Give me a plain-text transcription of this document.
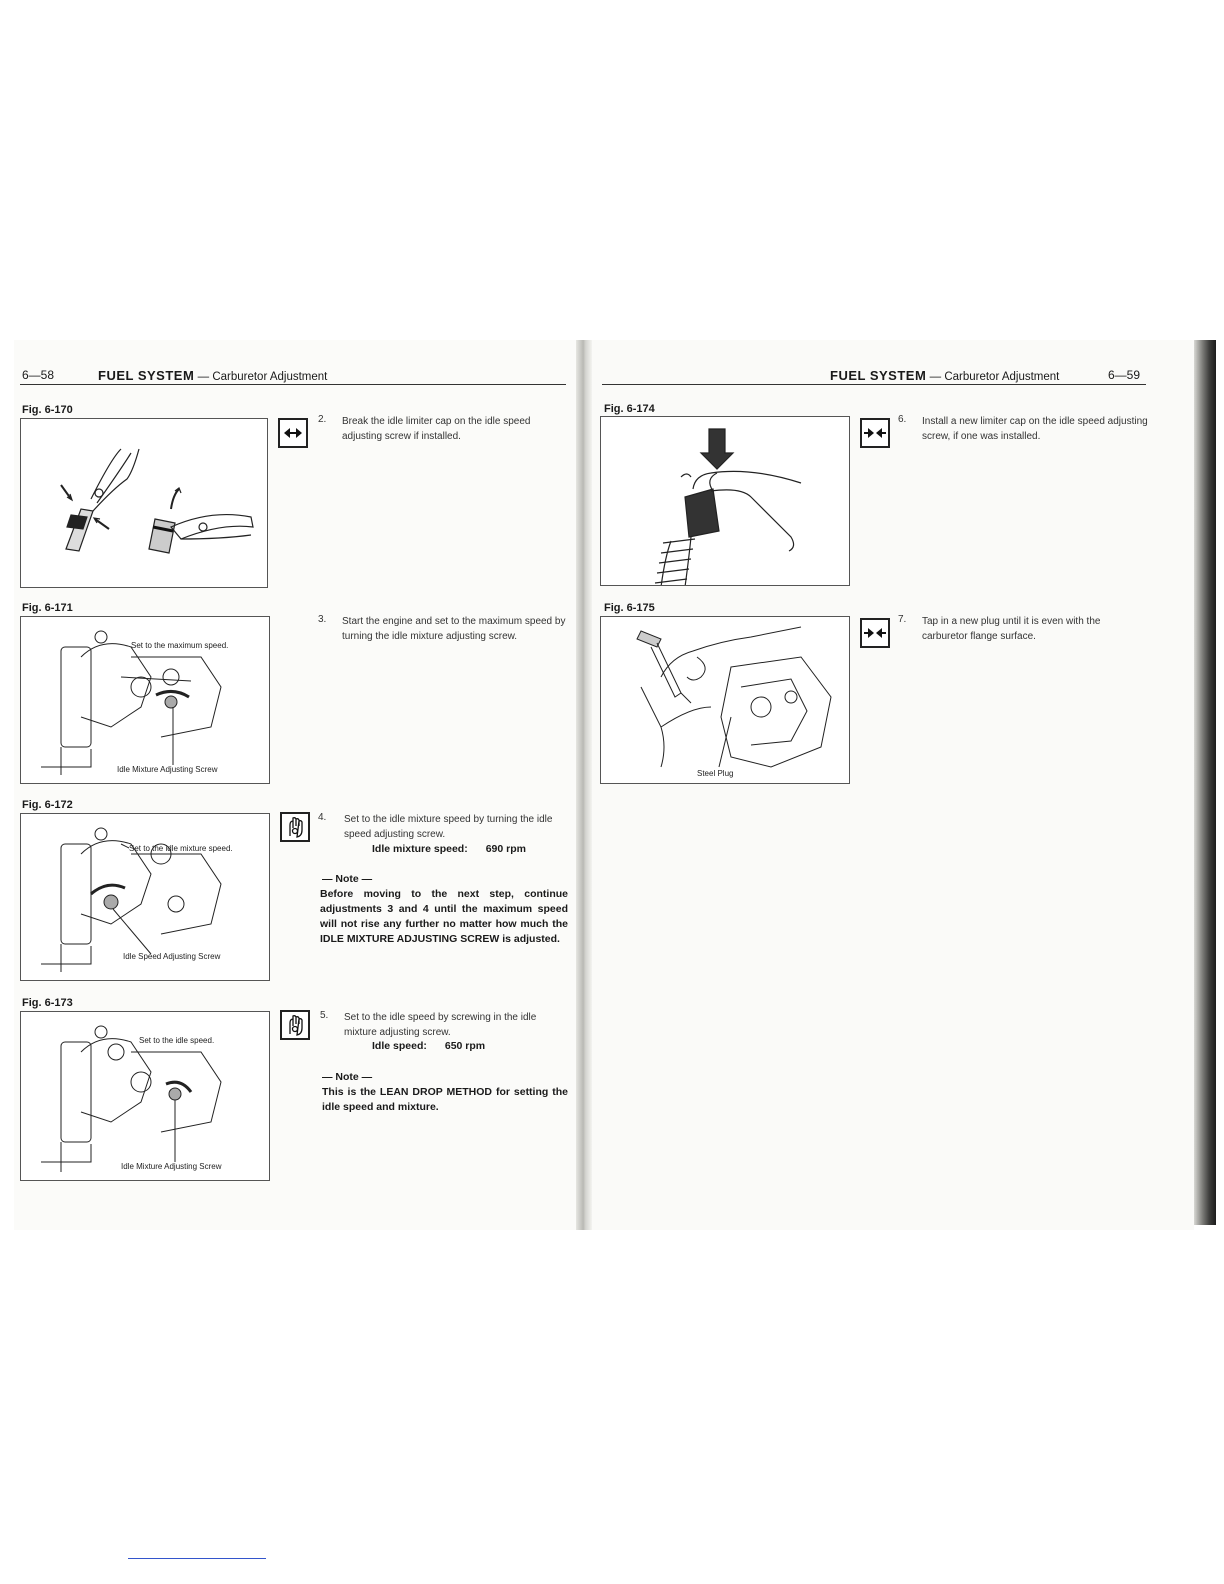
6—58	FUEL SYSTEM — Carburetor Adjustment	FUEL SYSTEM — Carburetor Adjustment	6—59
Fig. 6-170
Fig. 6-171
Set to the maximum speed.
Idle Mixture Adjusting Screw
Fig. 6-172
Set to the idle mixture speed.
Idle Speed Adjusting Screw
Fig. 6-173
Set to the idle speed.
Idle Mixture Adjusting Screw
2. Break the idle limiter cap on the idle speed adjusting screw if installed.
3. Start the engine and set to the maximum speed by turning the idle mixture adjusting screw.
4. Set to the idle mixture speed by turning the idle speed adjusting screw.
Idle mixture speed: 690 rpm
— Note —
Before moving to the next step, continue adjustments 3 and 4 until the maximum speed will not rise any further no matter how much the IDLE MIXTURE ADJUSTING SCREW is adjusted.
5. Set to the idle speed by screwing in the idle mixture adjusting screw.
Idle speed: 650 rpm
— Note —
This is the LEAN DROP METHOD for setting the idle speed and mixture.
Fig. 6-174
Fig. 6-175
Steel Plug
6. Install a new limiter cap on the idle speed adjusting screw, if one was installed.
7. Tap in a new plug until it is even with the carburetor flange surface.
